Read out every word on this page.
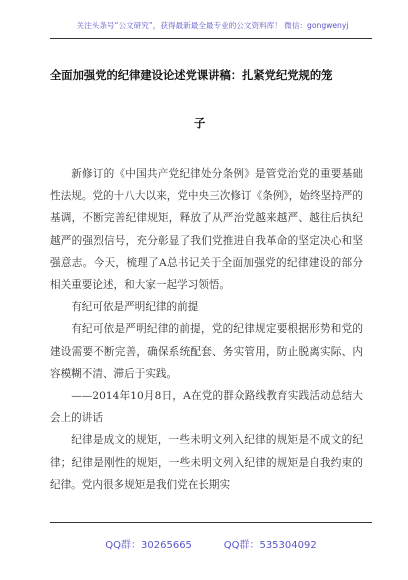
关注头条号“公文研究”，获得最新最全最专业的公文资料库！ 微信：gongwenyj
全面加强党的纪律建设论述党课讲稿：扎紧党纪党规的笼
子

新修订的《中国共产党纪律处分条例》是管党治党的重要基础性法规。党的十八大以来，党中央三次修订《条例》，始终坚持严的基调，不断完善纪律规矩，释放了从严治党越来越严、越往后执纪越严的强烈信号，充分彰显了我们党推进自我革命的坚定决心和坚强意志。今天，梳理了A总书记关于全面加强党的纪律建设的部分相关重要论述，和大家一起学习领悟。

有纪可依是严明纪律的前提

有纪可依是严明纪律的前提，党的纪律规定要根据形势和党的建设需要不断完善，确保系统配套、务实管用，防止脱离实际、内容模糊不清、滞后于实践。

——2014年10月8日，A在党的群众路线教育实践活动总结大会上的讲话

纪律是成文的规矩，一些未明文列入纪律的规矩是不成文的纪律；纪律是刚性的规矩，一些未明文列入纪律的规矩是自我约束的纪律。党内很多规矩是我们党在长期实

QQ群：30265665          QQ群：535304092
